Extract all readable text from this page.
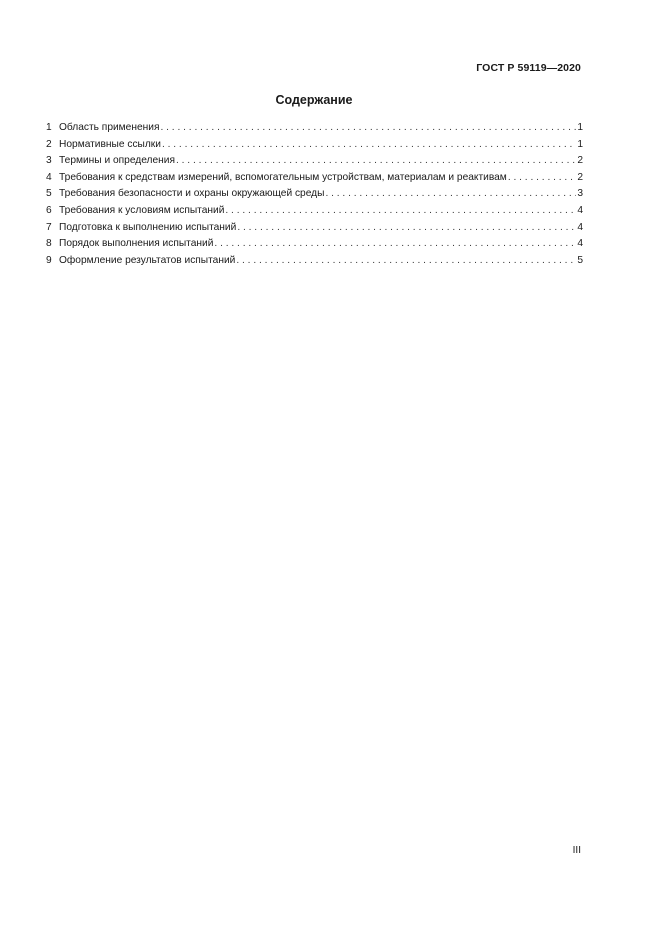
ГОСТ Р 59119—2020
Содержание
1 Область применения . . .	1
2 Нормативные ссылки . . .	1
3 Термины и определения . . .	2
4 Требования к средствам измерений, вспомогательным устройствам, материалам и реактивам . . .	2
5 Требования безопасности и охраны окружающей среды . . .	3
6 Требования к условиям испытаний . . .	4
7 Подготовка к выполнению испытаний . . .	4
8 Порядок выполнения испытаний . . .	4
9 Оформление результатов испытаний . . .	5
III
